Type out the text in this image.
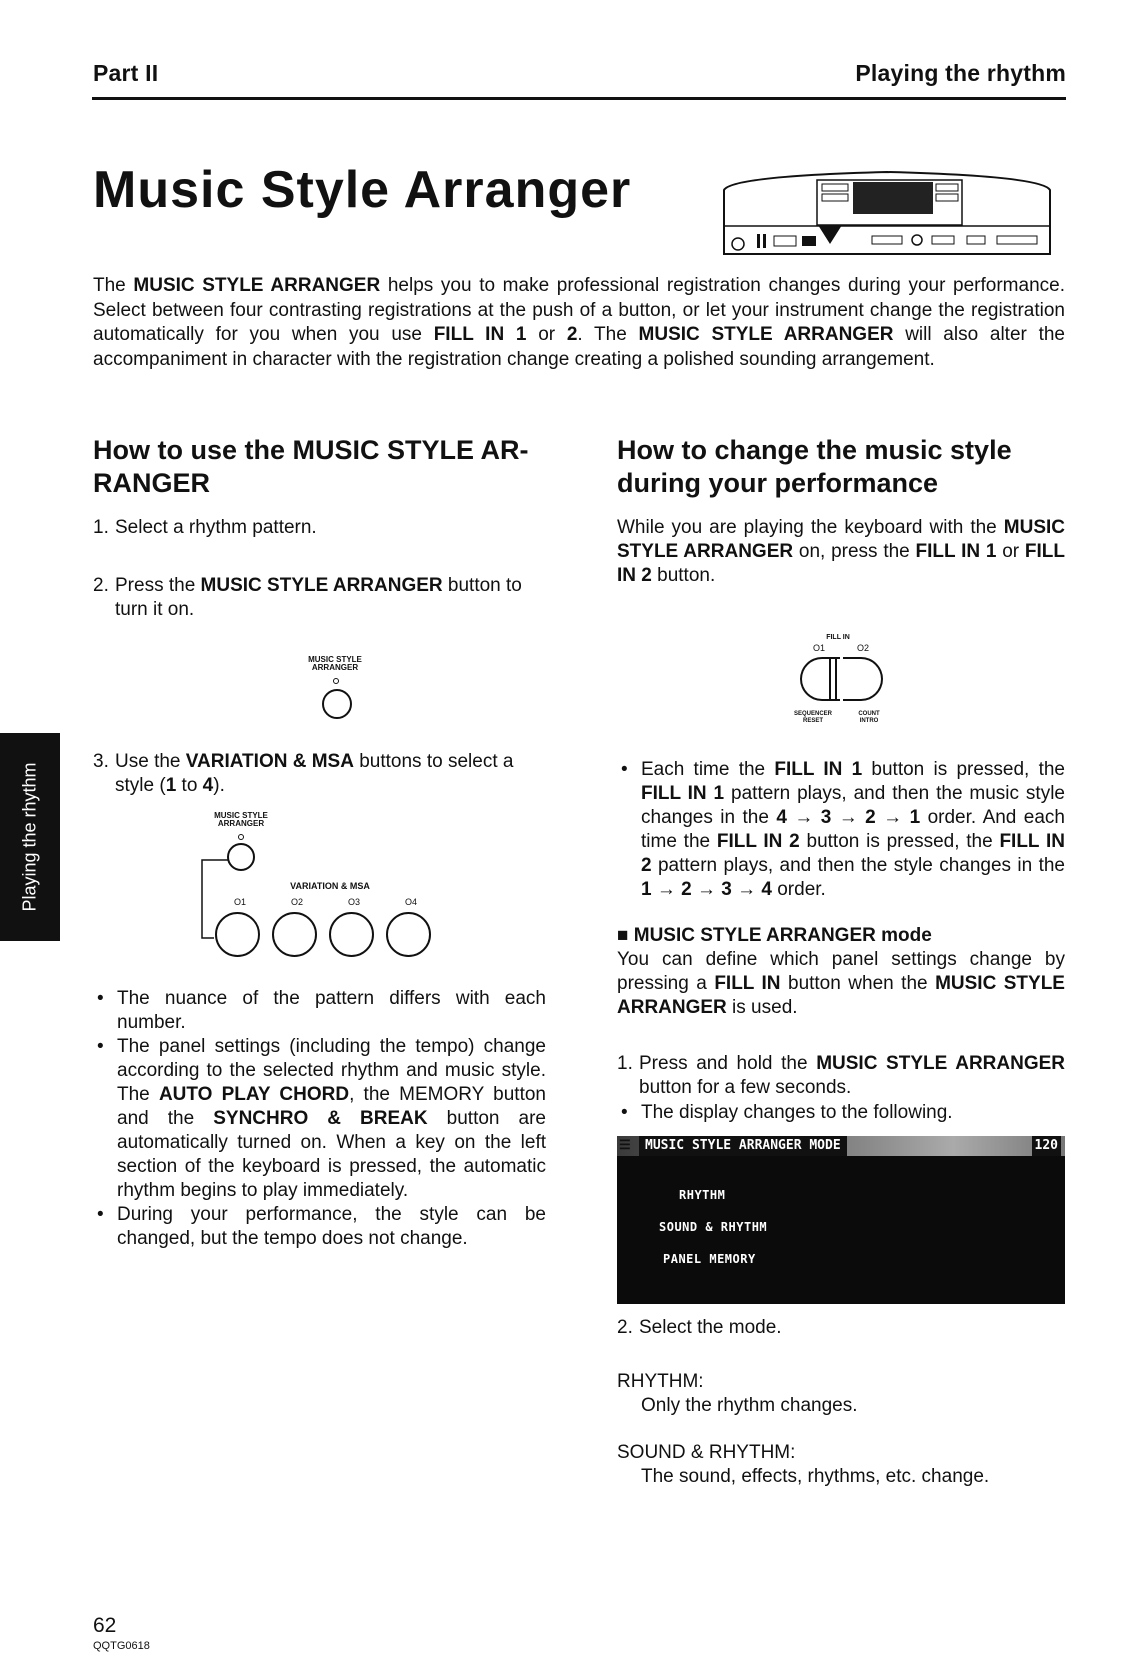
Part II	Playing the rhythm
Music Style Arranger
The MUSIC STYLE ARRANGER helps you to make professional registration changes during your performance. Select between four contrasting registrations at the push of a button, or let your instrument change the registration automatically for you when you use FILL IN 1 or 2. The MUSIC STYLE ARRANGER will also alter the accompaniment in character with the registration change creating a polished sounding arrangement.
How to use the MUSIC STYLE AR-
RANGER
1. Select a rhythm pattern.
2. Press the MUSIC STYLE ARRANGER button to turn it on.
MUSIC STYLE ARRANGER
3. Use the VARIATION & MSA buttons to select a style (1 to 4).
MUSIC STYLE ARRANGER
VARIATION & MSA
O1	O2	O3	O4
• The nuance of the pattern differs with each number.
• The panel settings (including the tempo) change according to the selected rhythm and music style. The AUTO PLAY CHORD, the MEMORY button and the SYNCHRO & BREAK button are automatically turned on. When a key on the left section of the keyboard is pressed, the automatic rhythm begins to play immediately.
• During your performance, the style can be changed, but the tempo does not change.
How to change the music style
during your performance
While you are playing the keyboard with the MUSIC STYLE ARRANGER on, press the FILL IN 1 or FILL IN 2 button.
FILL IN
O1	O2
SEQUENCER RESET
COUNT INTRO
• Each time the FILL IN 1 button is pressed, the FILL IN 1 pattern plays, and then the music style changes in the 4 → 3 → 2 → 1 order. And each time the FILL IN 2 button is pressed, the FILL IN 2 pattern plays, and then the style changes in the 1 → 2 → 3 → 4 order.
■ MUSIC STYLE ARRANGER mode
You can define which panel settings change by pressing a FILL IN button when the MUSIC STYLE ARRANGER is used.
1. Press and hold the MUSIC STYLE ARRANGER button for a few seconds.
• The display changes to the following.
☰	MUSIC STYLE ARRANGER MODE	120
RHYTHM
SOUND & RHYTHM
PANEL MEMORY
2. Select the mode.
RHYTHM:
Only the rhythm changes.
SOUND & RHYTHM:
The sound, effects, rhythms, etc. change.
Playing the rhythm
62
QQTG0618
